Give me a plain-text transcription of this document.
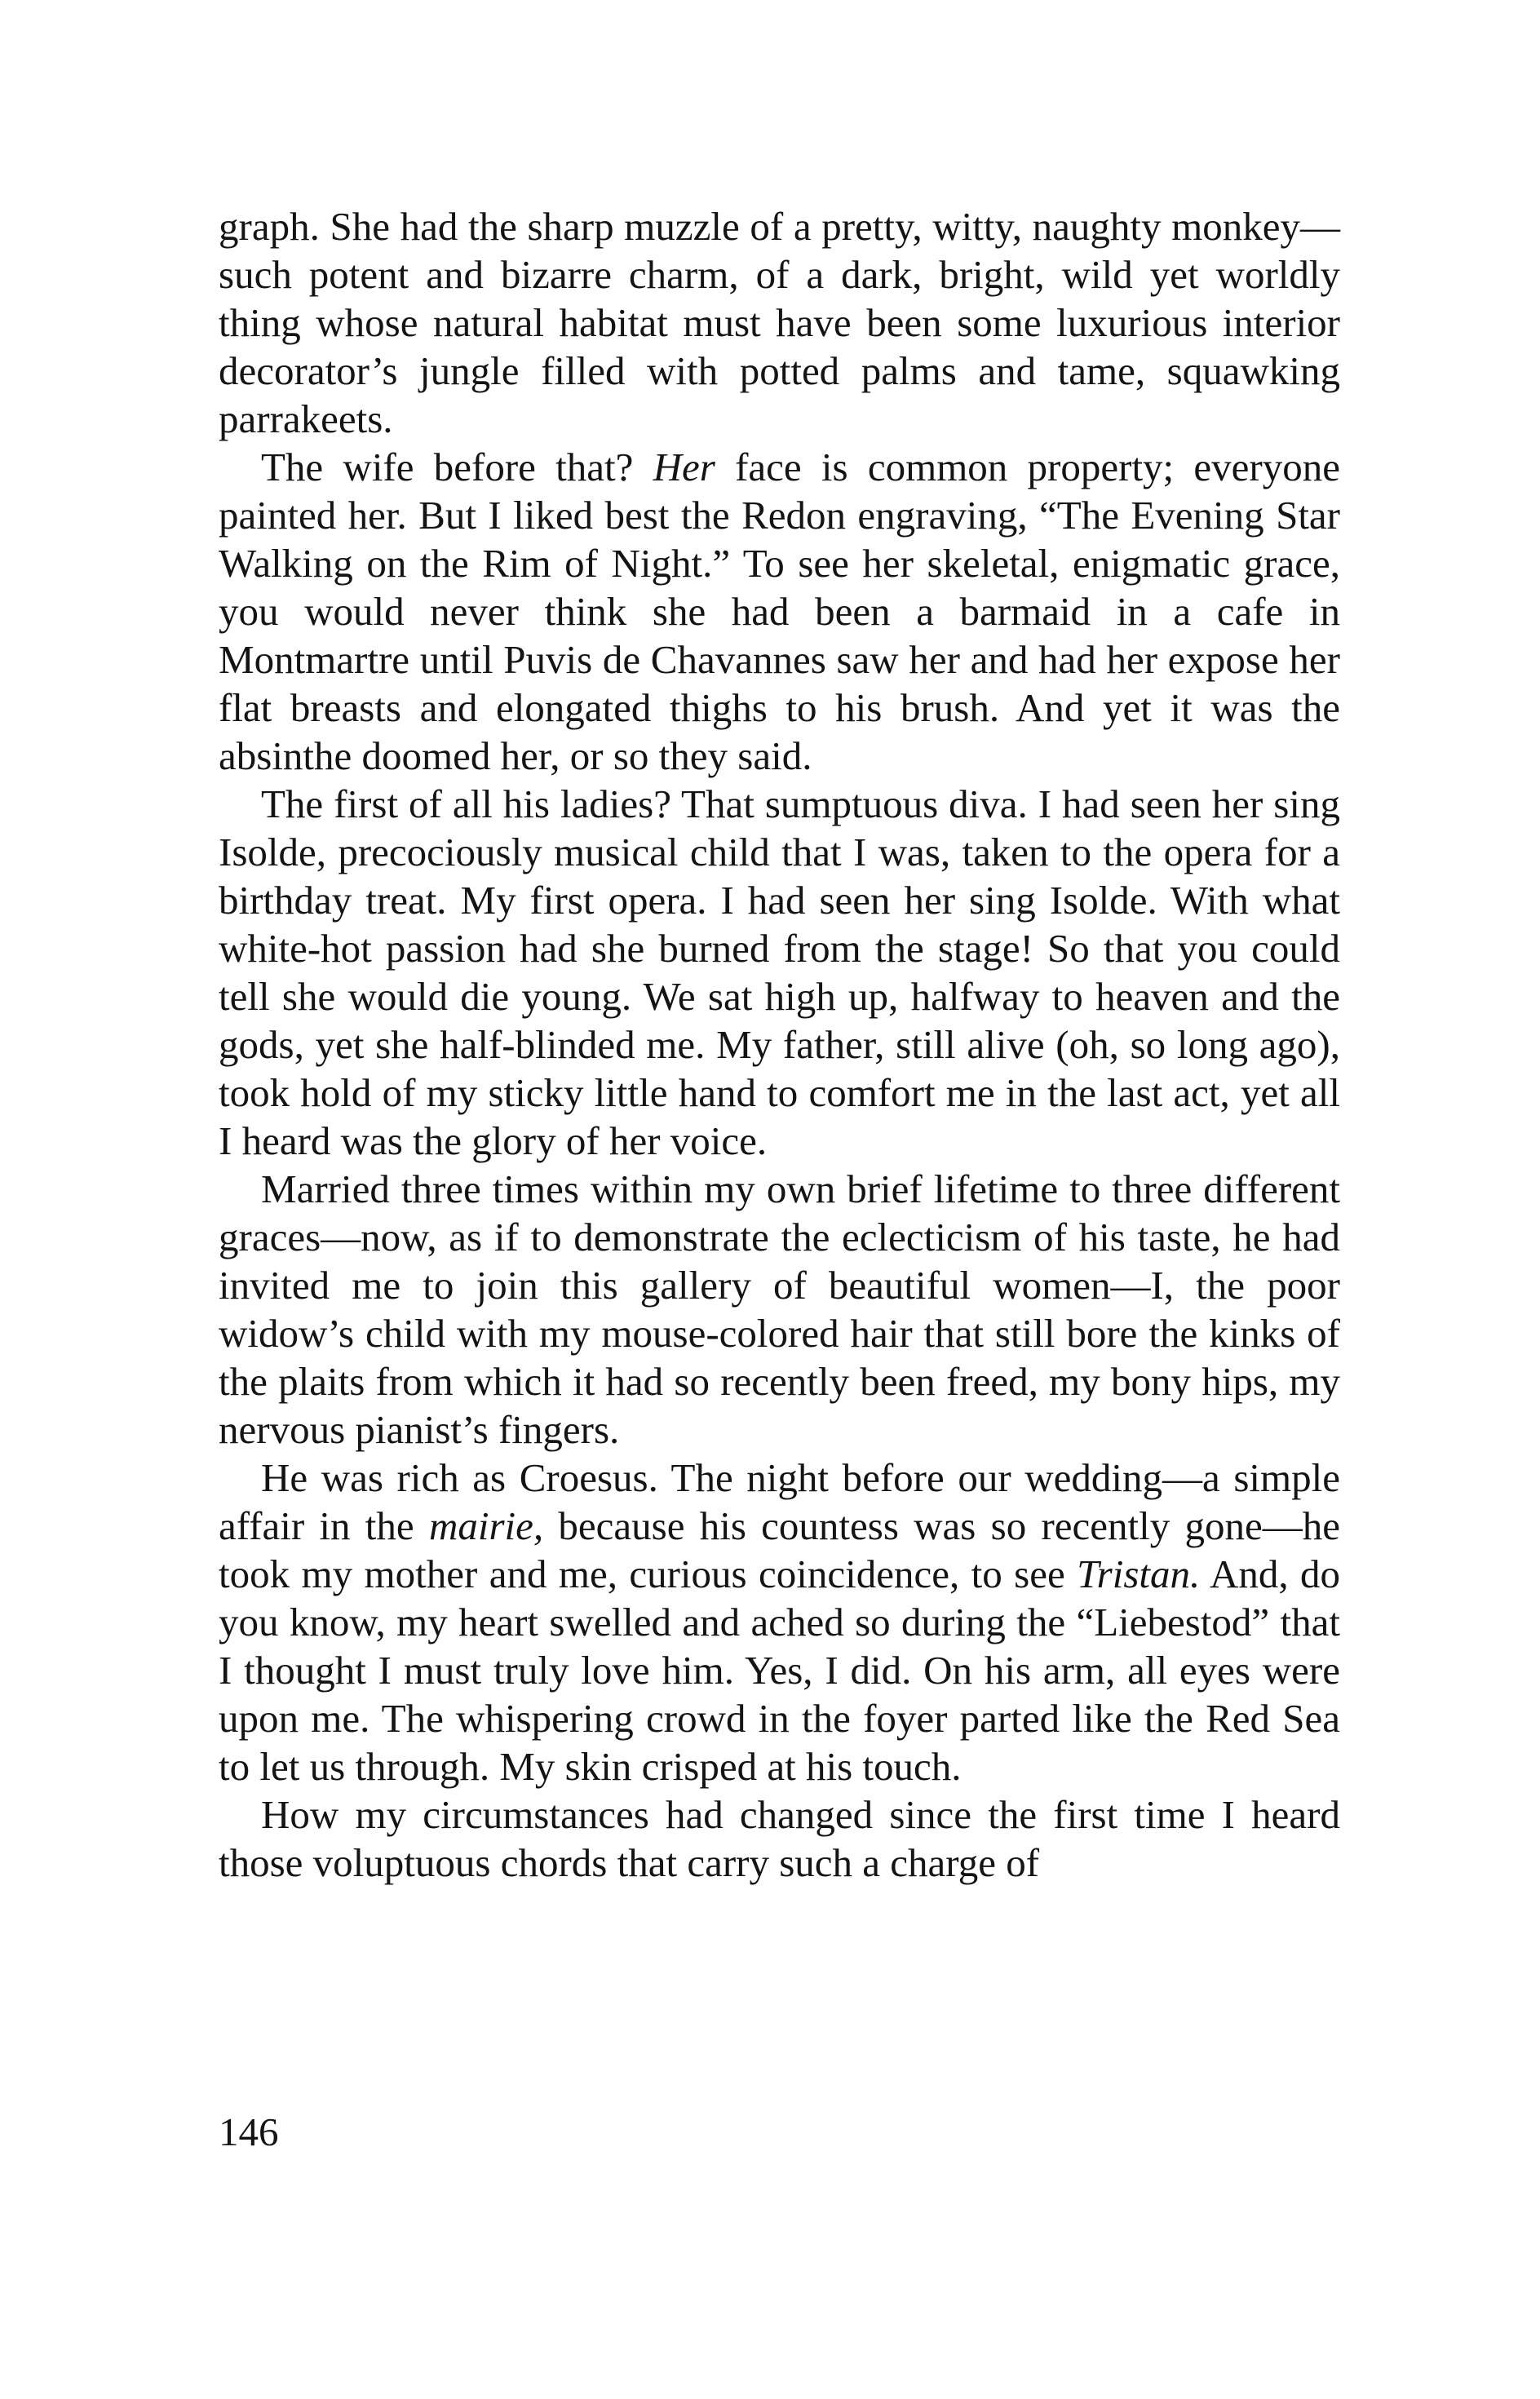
graph. She had the sharp muzzle of a pretty, witty, naughty monkey—such potent and bizarre charm, of a dark, bright, wild yet worldly thing whose natural habitat must have been some luxurious interior decorator’s jungle filled with potted palms and tame, squawking parrakeets.

The wife before that? Her face is common property; everyone painted her. But I liked best the Redon engraving, “The Evening Star Walking on the Rim of Night.” To see her skeletal, enigmatic grace, you would never think she had been a barmaid in a cafe in Montmartre until Puvis de Chavannes saw her and had her expose her flat breasts and elongated thighs to his brush. And yet it was the absinthe doomed her, or so they said.

The first of all his ladies? That sumptuous diva. I had seen her sing Isolde, precociously musical child that I was, taken to the opera for a birthday treat. My first opera. I had seen her sing Isolde. With what white-hot passion had she burned from the stage! So that you could tell she would die young. We sat high up, halfway to heaven and the gods, yet she half-blinded me. My father, still alive (oh, so long ago), took hold of my sticky little hand to comfort me in the last act, yet all I heard was the glory of her voice.

Married three times within my own brief lifetime to three different graces—now, as if to demonstrate the eclecticism of his taste, he had invited me to join this gallery of beautiful women—I, the poor widow’s child with my mouse-colored hair that still bore the kinks of the plaits from which it had so recently been freed, my bony hips, my nervous pianist’s fingers.

He was rich as Croesus. The night before our wedding—a simple affair in the mairie, because his countess was so recently gone—he took my mother and me, curious coincidence, to see Tristan. And, do you know, my heart swelled and ached so during the “Liebestod” that I thought I must truly love him. Yes, I did. On his arm, all eyes were upon me. The whispering crowd in the foyer parted like the Red Sea to let us through. My skin crisped at his touch.

How my circumstances had changed since the first time I heard those voluptuous chords that carry such a charge of

146
